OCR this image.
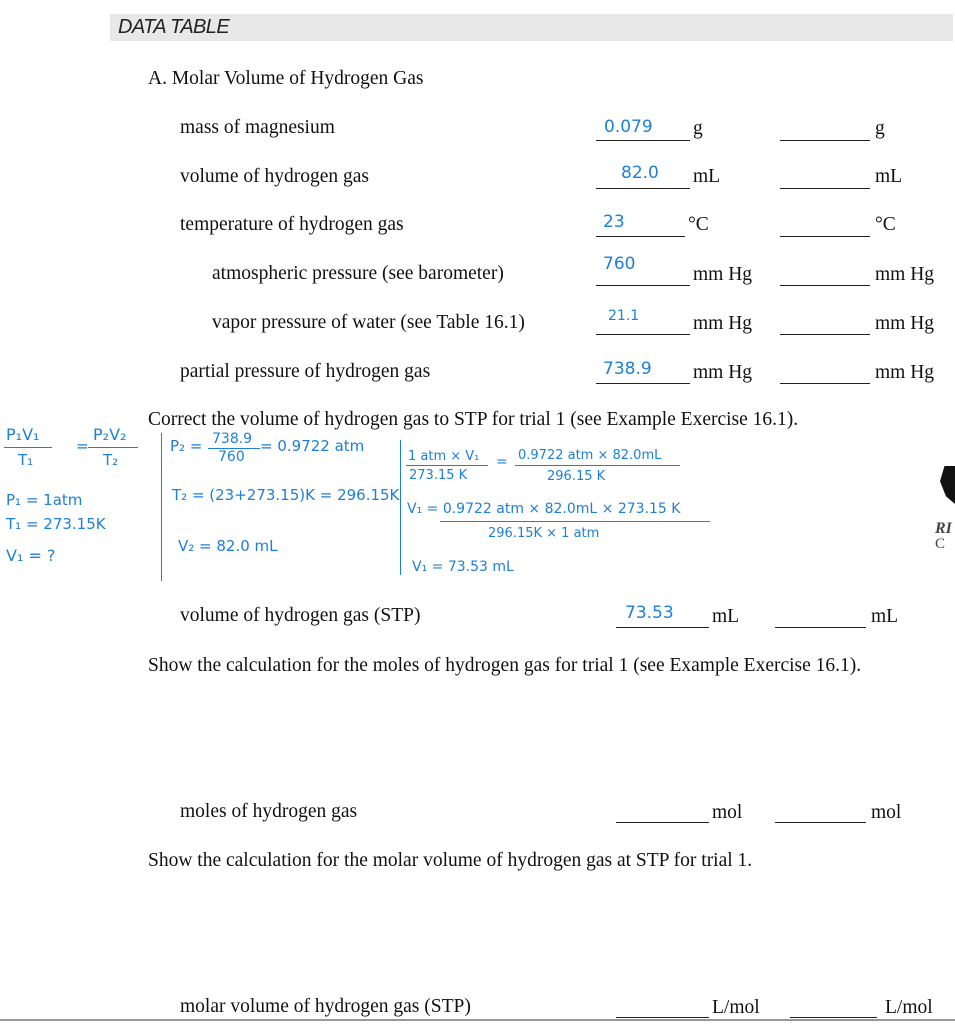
DATA TABLE
A. Molar Volume of Hydrogen Gas
mass of magnesium	0.079 g	g
volume of hydrogen gas	82.0 mL	mL
temperature of hydrogen gas	23	°C	°C
atmospheric pressure (see barometer)	760	mm Hg	mm Hg
vapor pressure of water (see Table 16.1)	21.1	mm Hg	mm Hg
partial pressure of hydrogen gas	738.9 mm Hg	mm Hg
Correct the volume of hydrogen gas to STP for trial 1 (see Example Exercise 16.1).
P₁V₁
T₁
=
P₂V₂
T₂
P₁ = 1atm
T₁ = 273.15K
V₁ = ?
P₂ = 738.9
760
= 0.9722 atm
T₂ = (23+273.15)K = 296.15K
V₂ = 82.0 mL
1 atm × V₁
273.15 K
= 0.9722 atm × 82.0mL
296.15 K
V₁ = 0.9722 atm × 82.0mL × 273.15 K
296.15K × 1 atm
V₁ = 73.53 mL
RI
C
volume of hydrogen gas (STP)	73.53 mL	mL
Show the calculation for the moles of hydrogen gas for trial 1 (see Example Exercise 16.1).
moles of hydrogen gas	mol	mol
Show the calculation for the molar volume of hydrogen gas at STP for trial 1.
molar volume of hydrogen gas (STP)	L/mol	L/mol
